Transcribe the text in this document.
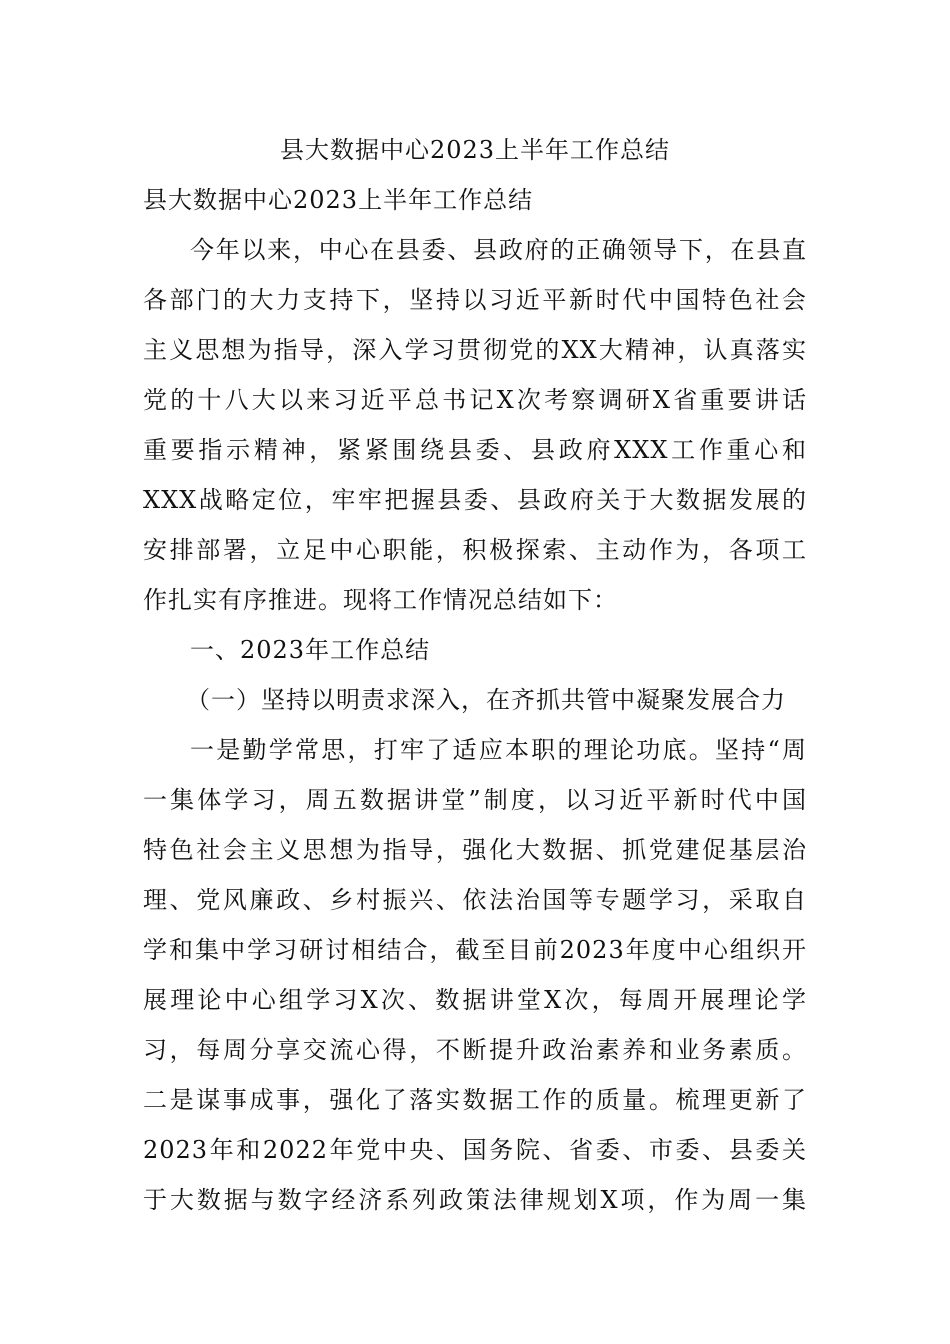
县大数据中心2023上半年工作总结
县大数据中心2023上半年工作总结
今年以来，中心在县委、县政府的正确领导下，在县直
各部门的大力支持下，坚持以习近平新时代中国特色社会
主义思想为指导，深入学习贯彻党的XX大精神，认真落实
党的十八大以来习近平总书记X次考察调研X省重要讲话
重要指示精神，紧紧围绕县委、县政府XXX工作重心和
XXX战略定位，牢牢把握县委、县政府关于大数据发展的
安排部署，立足中心职能，积极探索、主动作为，各项工
作扎实有序推进。现将工作情况总结如下：
一、2023年工作总结
（一）坚持以明责求深入，在齐抓共管中凝聚发展合力
一是勤学常思，打牢了适应本职的理论功底。坚持“周
一集体学习，周五数据讲堂”制度，以习近平新时代中国
特色社会主义思想为指导，强化大数据、抓党建促基层治
理、党风廉政、乡村振兴、依法治国等专题学习，采取自
学和集中学习研讨相结合，截至目前2023年度中心组织开
展理论中心组学习X次、数据讲堂X次，每周开展理论学
习，每周分享交流心得，不断提升政治素养和业务素质。
二是谋事成事，强化了落实数据工作的质量。梳理更新了
2023年和2022年党中央、国务院、省委、市委、县委关
于大数据与数字经济系列政策法律规划X项，作为周一集
